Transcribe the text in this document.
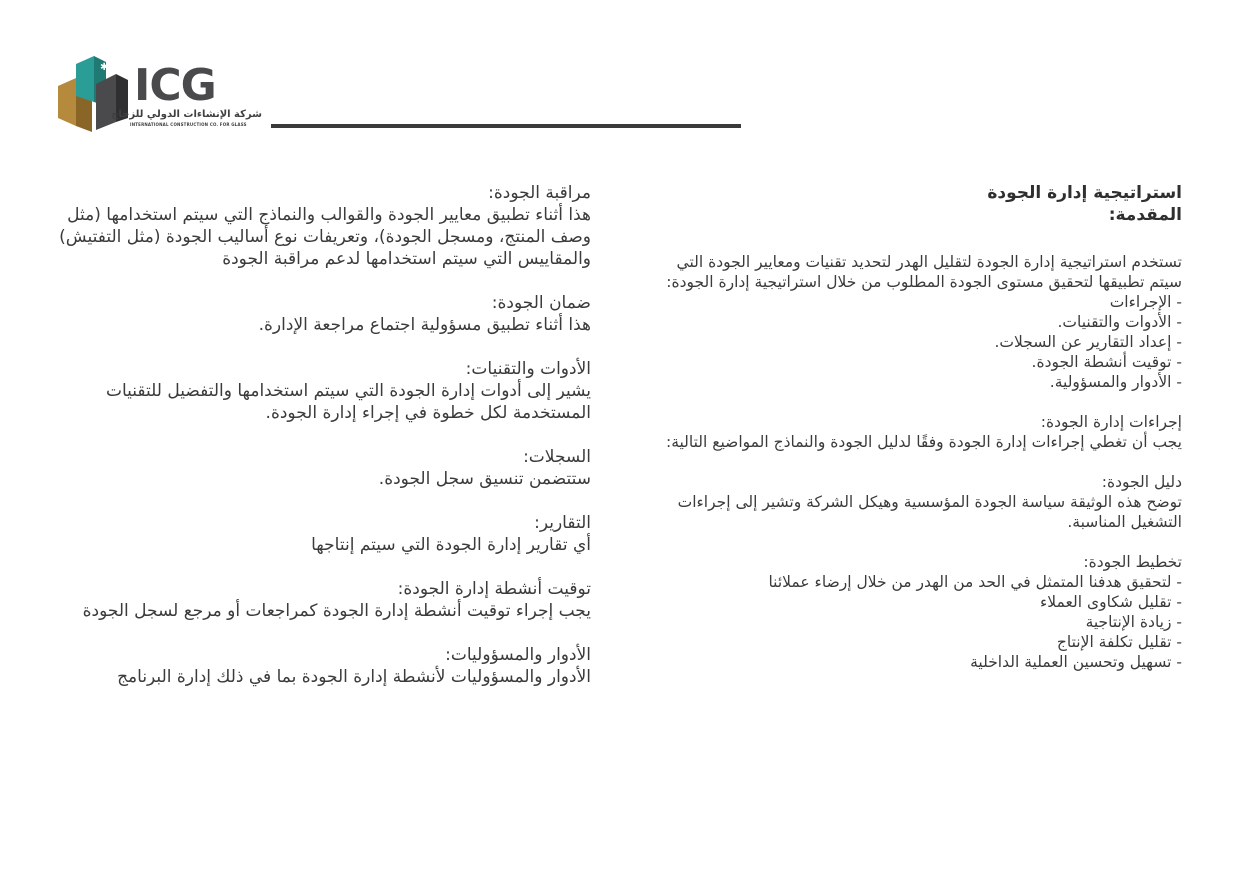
✱ ICG
شركة الإنشاءات الدولي للزجاج
INTERNATIONAL CONSTRUCTION CO. FOR GLASS

استراتيجية إدارة الجودة

المقدمة:

تستخدم استراتيجية إدارة الجودة لتقليل الهدر لتحديد تقنيات ومعايير الجودة التي سيتم تطبيقها لتحقيق مستوى الجودة المطلوب من خلال استراتيجية إدارة الجودة:

- الإجراءات
- الأدوات والتقنيات.
- إعداد التقارير عن السجلات.
- توقيت أنشطة الجودة.
- الأدوار والمسؤولية.

إجراءات إدارة الجودة:

يجب أن تغطي إجراءات إدارة الجودة وفقًا لدليل الجودة والنماذج المواضيع التالية:

دليل الجودة:

توضح هذه الوثيقة سياسة الجودة المؤسسية وهيكل الشركة وتشير إلى إجراءات التشغيل المناسبة.

تخطيط الجودة:

- لتحقيق هدفنا المتمثل في الحد من الهدر من خلال إرضاء عملائنا
- تقليل شكاوى العملاء
- زيادة الإنتاجية
- تقليل تكلفة الإنتاج
- تسهيل وتحسين العملية الداخلية

مراقبة الجودة:

هذا أثناء تطبيق معايير الجودة والقوالب والنماذج التي سيتم استخدامها (مثل وصف المنتج، ومسجل الجودة)، وتعريفات نوع أساليب الجودة (مثل التفتيش) والمقاييس التي سيتم استخدامها لدعم مراقبة الجودة

ضمان الجودة:

هذا أثناء تطبيق مسؤولية اجتماع مراجعة الإدارة.

الأدوات والتقنيات:

يشير إلى أدوات إدارة الجودة التي سيتم استخدامها والتفضيل للتقنيات المستخدمة لكل خطوة في إجراء إدارة الجودة.

السجلات:

ستتضمن تنسيق سجل الجودة.

التقارير:

أي تقارير إدارة الجودة التي سيتم إنتاجها

توقيت أنشطة إدارة الجودة:

يجب إجراء توقيت أنشطة إدارة الجودة كمراجعات أو مرجع لسجل الجودة

الأدوار والمسؤوليات:

الأدوار والمسؤوليات لأنشطة إدارة الجودة بما في ذلك إدارة البرنامج
